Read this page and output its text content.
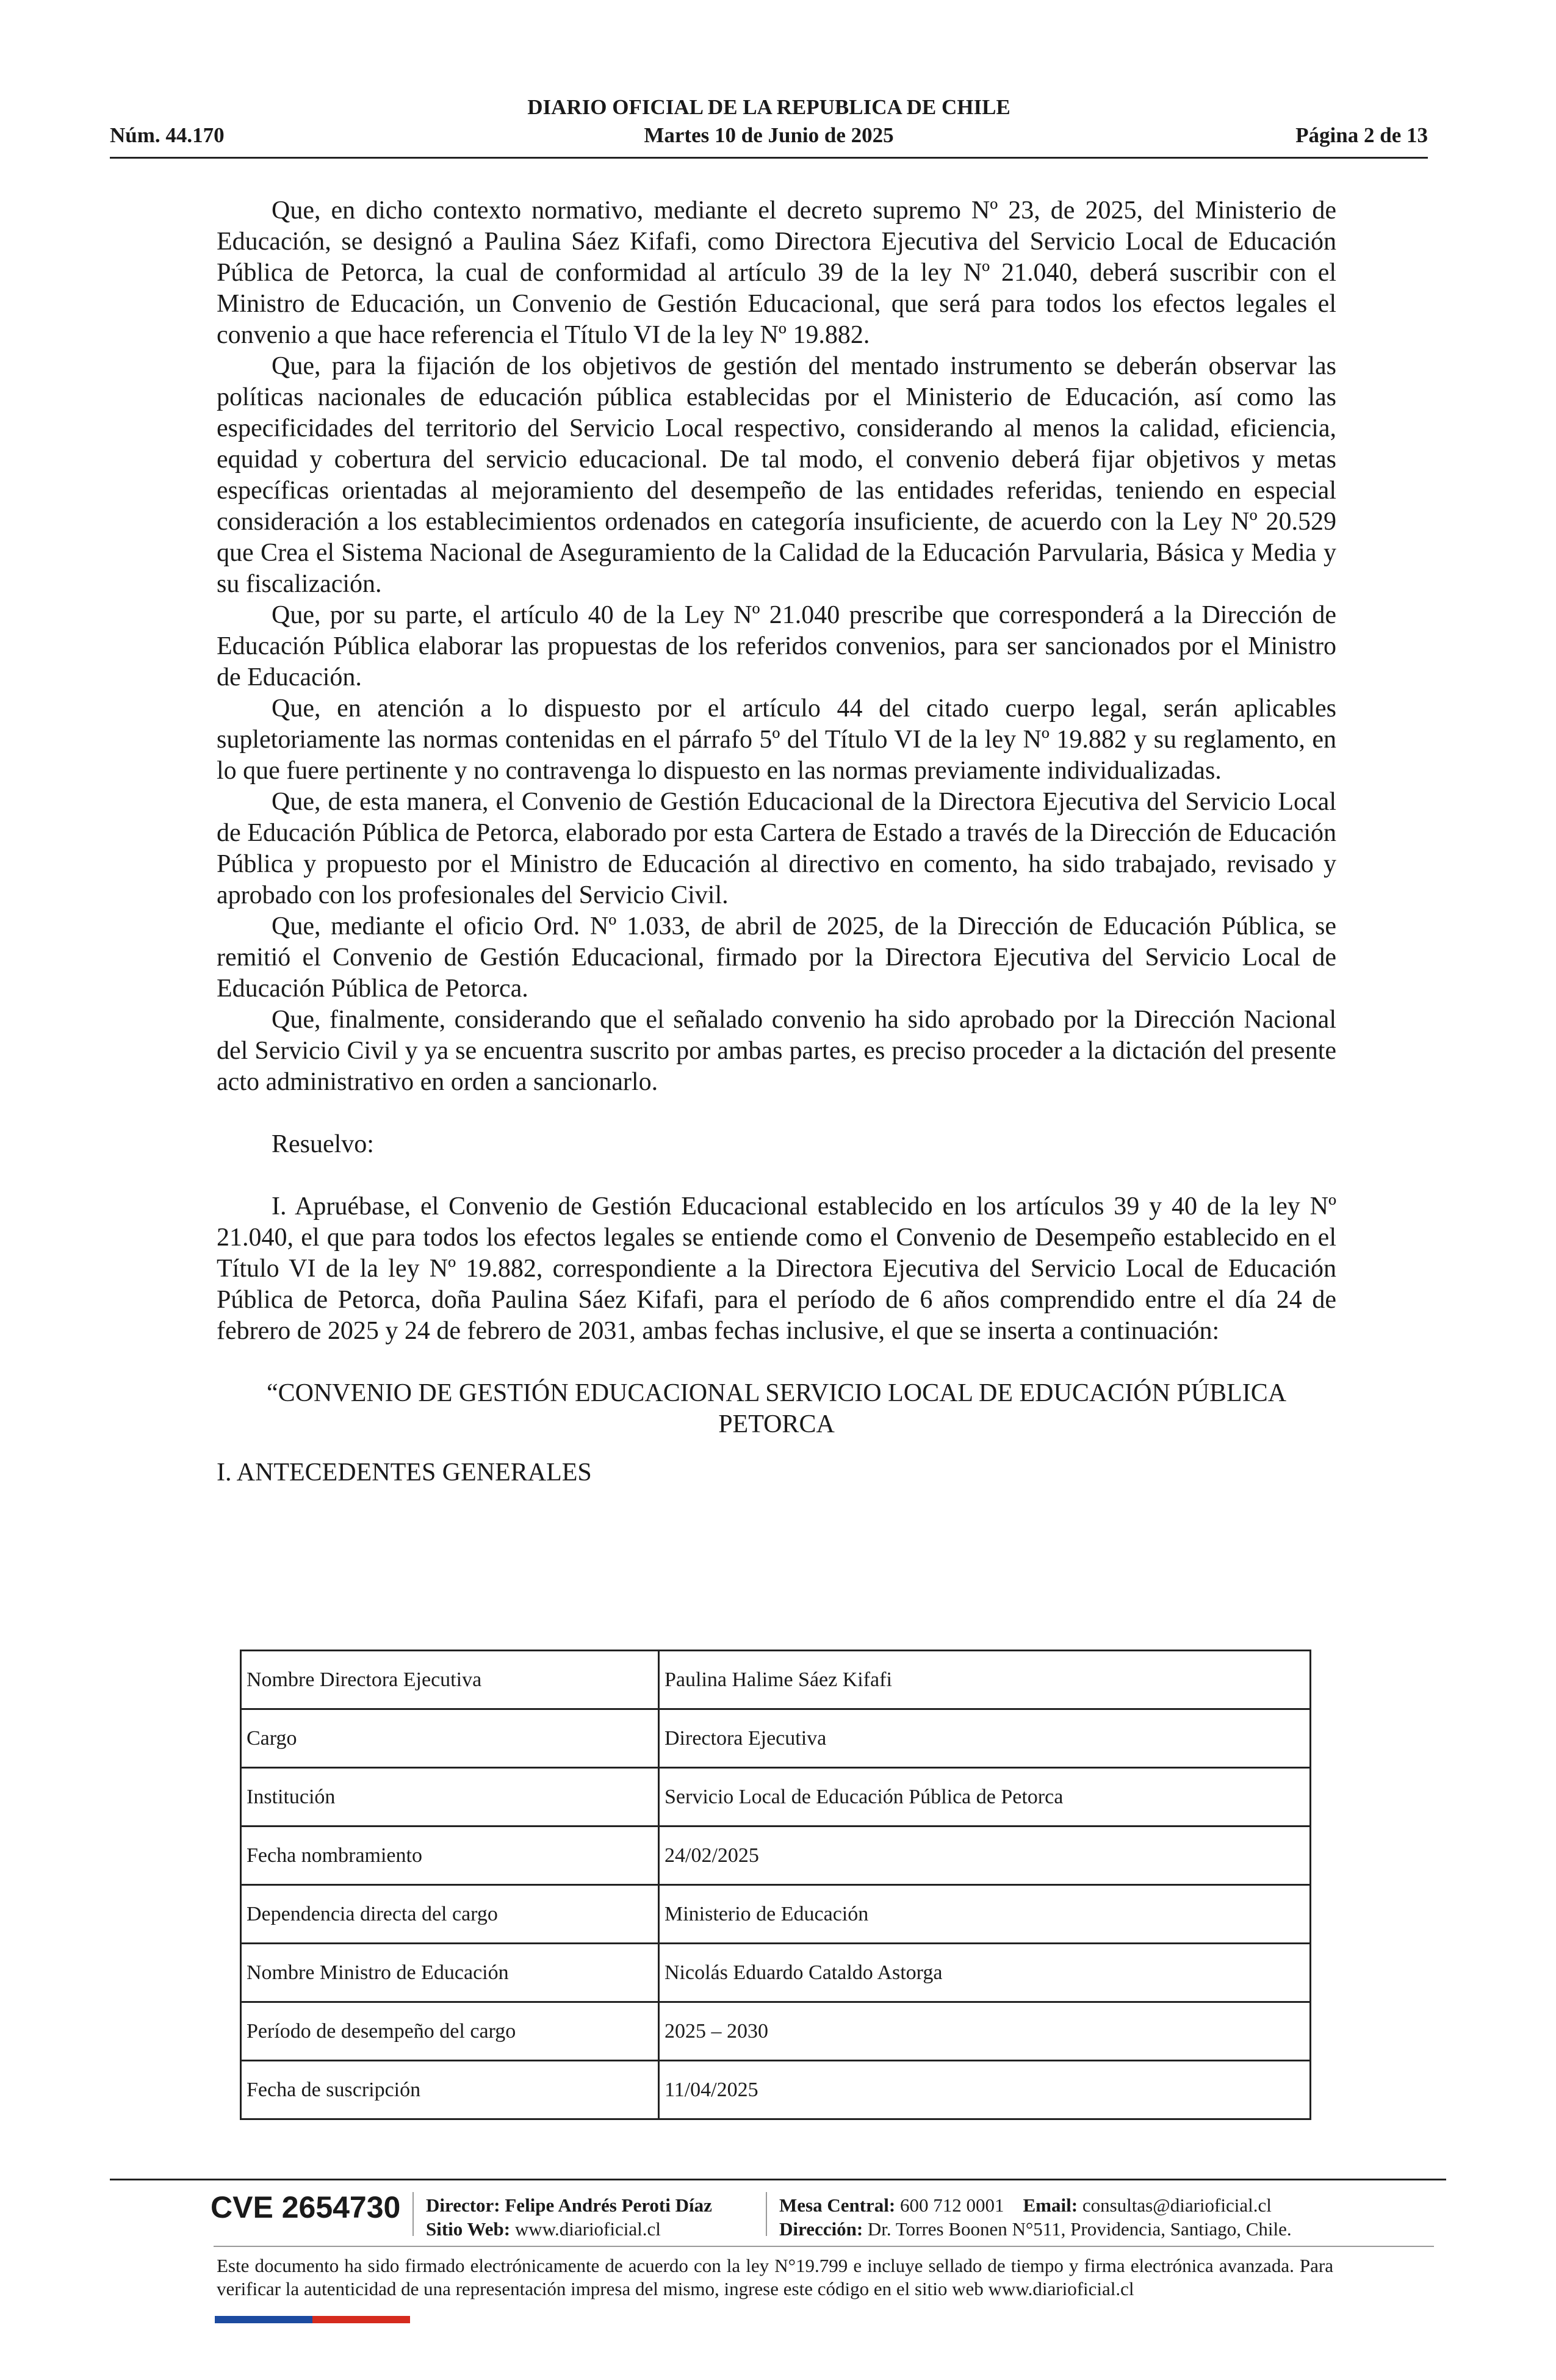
DIARIO OFICIAL DE LA REPUBLICA DE CHILE
Núm. 44.170	Martes 10 de Junio de 2025	Página 2 de 13

Que, en dicho contexto normativo, mediante el decreto supremo Nº 23, de 2025, del Ministerio de Educación, se designó a Paulina Sáez Kifafi, como Directora Ejecutiva del Servicio Local de Educación Pública de Petorca, la cual de conformidad al artículo 39 de la ley Nº 21.040, deberá suscribir con el Ministro de Educación, un Convenio de Gestión Educacional, que será para todos los efectos legales el convenio a que hace referencia el Título VI de la ley Nº 19.882.

Que, para la fijación de los objetivos de gestión del mentado instrumento se deberán observar las políticas nacionales de educación pública establecidas por el Ministerio de Educación, así como las especificidades del territorio del Servicio Local respectivo, considerando al menos la calidad, eficiencia, equidad y cobertura del servicio educacional. De tal modo, el convenio deberá fijar objetivos y metas específicas orientadas al mejoramiento del desempeño de las entidades referidas, teniendo en especial consideración a los establecimientos ordenados en categoría insuficiente, de acuerdo con la Ley Nº 20.529 que Crea el Sistema Nacional de Aseguramiento de la Calidad de la Educación Parvularia, Básica y Media y su fiscalización.

Que, por su parte, el artículo 40 de la Ley Nº 21.040 prescribe que corresponderá a la Dirección de Educación Pública elaborar las propuestas de los referidos convenios, para ser sancionados por el Ministro de Educación.

Que, en atención a lo dispuesto por el artículo 44 del citado cuerpo legal, serán aplicables supletoriamente las normas contenidas en el párrafo 5º del Título VI de la ley Nº 19.882 y su reglamento, en lo que fuere pertinente y no contravenga lo dispuesto en las normas previamente individualizadas.

Que, de esta manera, el Convenio de Gestión Educacional de la Directora Ejecutiva del Servicio Local de Educación Pública de Petorca, elaborado por esta Cartera de Estado a través de la Dirección de Educación Pública y propuesto por el Ministro de Educación al directivo en comento, ha sido trabajado, revisado y aprobado con los profesionales del Servicio Civil.

Que, mediante el oficio Ord. Nº 1.033, de abril de 2025, de la Dirección de Educación Pública, se remitió el Convenio de Gestión Educacional, firmado por la Directora Ejecutiva del Servicio Local de Educación Pública de Petorca.

Que, finalmente, considerando que el señalado convenio ha sido aprobado por la Dirección Nacional del Servicio Civil y ya se encuentra suscrito por ambas partes, es preciso proceder a la dictación del presente acto administrativo en orden a sancionarlo.

Resuelvo:

I. Apruébase, el Convenio de Gestión Educacional establecido en los artículos 39 y 40 de la ley Nº 21.040, el que para todos los efectos legales se entiende como el Convenio de Desempeño establecido en el Título VI de la ley Nº 19.882, correspondiente a la Directora Ejecutiva del Servicio Local de Educación Pública de Petorca, doña Paulina Sáez Kifafi, para el período de 6 años comprendido entre el día 24 de febrero de 2025 y 24 de febrero de 2031, ambas fechas inclusive, el que se inserta a continuación:

“CONVENIO DE GESTIÓN EDUCACIONAL SERVICIO LOCAL DE EDUCACIÓN PÚBLICA PETORCA

I. ANTECEDENTES GENERALES

Nombre Directora Ejecutiva	Paulina Halime Sáez Kifafi
Cargo	Directora Ejecutiva
Institución	Servicio Local de Educación Pública de Petorca
Fecha nombramiento	24/02/2025
Dependencia directa del cargo	Ministerio de Educación
Nombre Ministro de Educación	Nicolás Eduardo Cataldo Astorga
Período de desempeño del cargo	2025 – 2030
Fecha de suscripción	11/04/2025
CVE 2654730 Director: Felipe Andrés Peroti Díaz
Sitio Web: www.diarioficial.cl
Mesa Central: 600 712 0001 Email: consultas@diarioficial.cl
Dirección: Dr. Torres Boonen N°511, Providencia, Santiago, Chile.
Este documento ha sido firmado electrónicamente de acuerdo con la ley N°19.799 e incluye sellado de tiempo y firma electrónica avanzada. Para verificar la autenticidad de una representación impresa del mismo, ingrese este código en el sitio web www.diarioficial.cl
